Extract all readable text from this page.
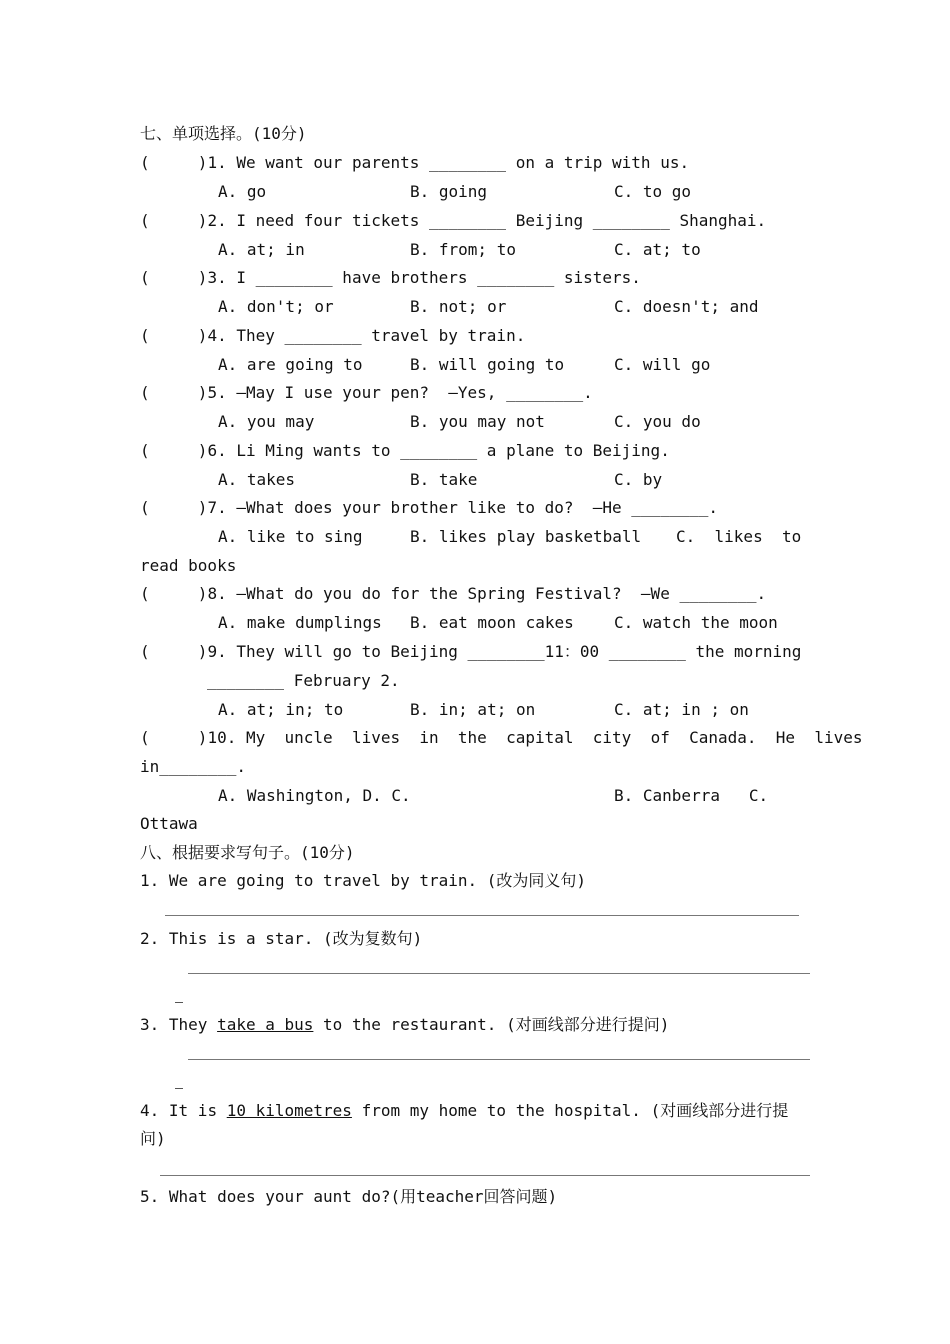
七、单项选择。(10分)
(     )1. We want our parents ________ on a trip with us.
A. go	B. going	C. to go
(     )2. I need four tickets ________ Beijing ________ Shanghai.
A. at; in	B. from; to	C. at; to
(     )3. I ________ have brothers ________ sisters.
A. don't; or	B. not; or	C. doesn't; and
(     )4. They ________ travel by train.
A. are going to	B. will going to	C. will go
(     )5. —May I use your pen?  —Yes, ________.
A. you may	B. you may not	C. you do
(     )6. Li Ming wants to ________ a plane to Beijing.
A. takes	B. take	C. by
(     )7. —What does your brother like to do?  —He ________.
A. like to sing	B. likes play basketball C.  likes  to
read books
(     )8. —What do you do for the Spring Festival?  —We ________.
A. make dumplings B. eat moon cakes	C. watch the moon
(     )9. They will go to Beijing ________11：00 ________ the morning
________ February 2.
A. at; in; to	B. in; at; on	C. at; in ; on
(     )10. My  uncle  lives  in  the  capital  city  of  Canada.  He  lives
in________.
A. Washington, D. C.	B. Canberra   C.
Ottawa
八、根据要求写句子。(10分)
1. We are going to travel by train. (改为同义句)
2. This is a star. (改为复数句)
3. They take a bus to the restaurant. (对画线部分进行提问)
4. It is 10 kilometres from my home to the hospital. (对画线部分进行提
问)
5. What does your aunt do?(用teacher回答问题)
